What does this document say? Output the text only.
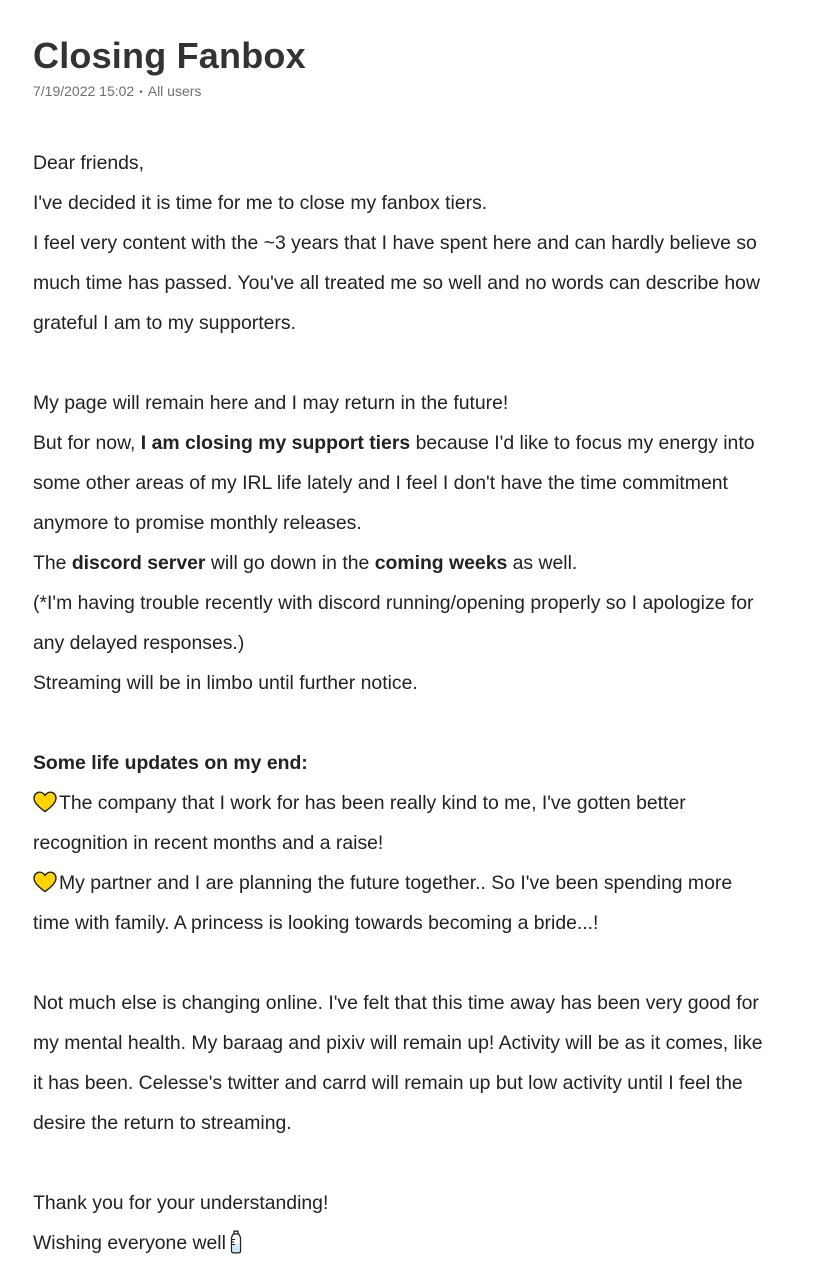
Closing Fanbox
7/19/2022 15:02 • All users
Dear friends,
I've decided it is time for me to close my fanbox tiers.
I feel very content with the ~3 years that I have spent here and can hardly believe so
much time has passed. You've all treated me so well and no words can describe how
grateful I am to my supporters.
My page will remain here and I may return in the future!
But for now, I am closing my support tiers because I'd like to focus my energy into
some other areas of my IRL life lately and I feel I don't have the time commitment
anymore to promise monthly releases.
The discord server will go down in the coming weeks as well.
(*I'm having trouble recently with discord running/opening properly so I apologize for
any delayed responses.)
Streaming will be in limbo until further notice.
Some life updates on my end:
The company that I work for has been really kind to me, I've gotten better
recognition in recent months and a raise!
My partner and I are planning the future together.. So I've been spending more
time with family. A princess is looking towards becoming a bride...!
Not much else is changing online. I've felt that this time away has been very good for
my mental health. My baraag and pixiv will remain up! Activity will be as it comes, like
it has been. Celesse's twitter and carrd will remain up but low activity until I feel the
desire the return to streaming.
Thank you for your understanding!
Wishing everyone well
